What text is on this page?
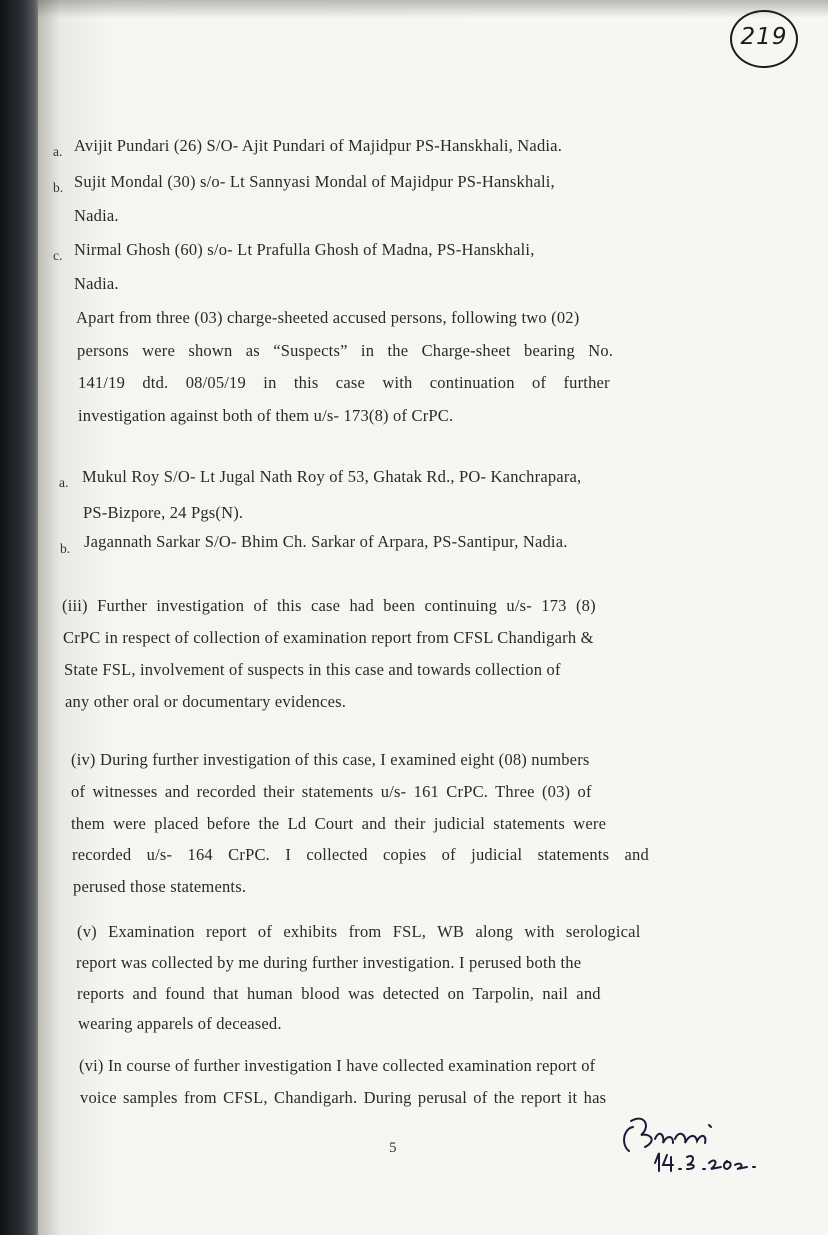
219
a. Avijit Pundari (26) S/O- Ajit Pundari of Majidpur PS-Hanskhali, Nadia.

b. Sujit Mondal (30) s/o- Lt Sannyasi Mondal of Majidpur PS-Hanskhali,

Nadia.

c. Nirmal Ghosh (60) s/o- Lt Prafulla Ghosh of Madna, PS-Hanskhali,

Nadia.

Apart from three (03) charge-sheeted accused persons, following two (02)

persons were shown as “Suspects” in the Charge-sheet bearing No.

141/19 dtd. 08/05/19 in this case with continuation of further

investigation against both of them u/s- 173(8) of CrPC.

a. Mukul Roy S/O- Lt Jugal Nath Roy of 53, Ghatak Rd., PO- Kanchrapara,

PS-Bizpore, 24 Pgs(N).

b. Jagannath Sarkar S/O- Bhim Ch. Sarkar of Arpara, PS-Santipur, Nadia.

(iii) Further investigation of this case had been continuing u/s- 173 (8)

CrPC in respect of collection of examination report from CFSL Chandigarh &

State FSL, involvement of suspects in this case and towards collection of

any other oral or documentary evidences.

(iv) During further investigation of this case, I examined eight (08) numbers

of witnesses and recorded their statements u/s- 161 CrPC. Three (03) of

them were placed before the Ld Court and their judicial statements were

recorded u/s- 164 CrPC. I collected copies of judicial statements and

perused those statements.

(v) Examination report of exhibits from FSL, WB along with serological

report was collected by me during further investigation. I perused both the

reports and found that human blood was detected on Tarpolin, nail and

wearing apparels of deceased.

(vi) In course of further investigation I have collected examination report of

voice samples from CFSL, Chandigarh. During perusal of the report it has

5
